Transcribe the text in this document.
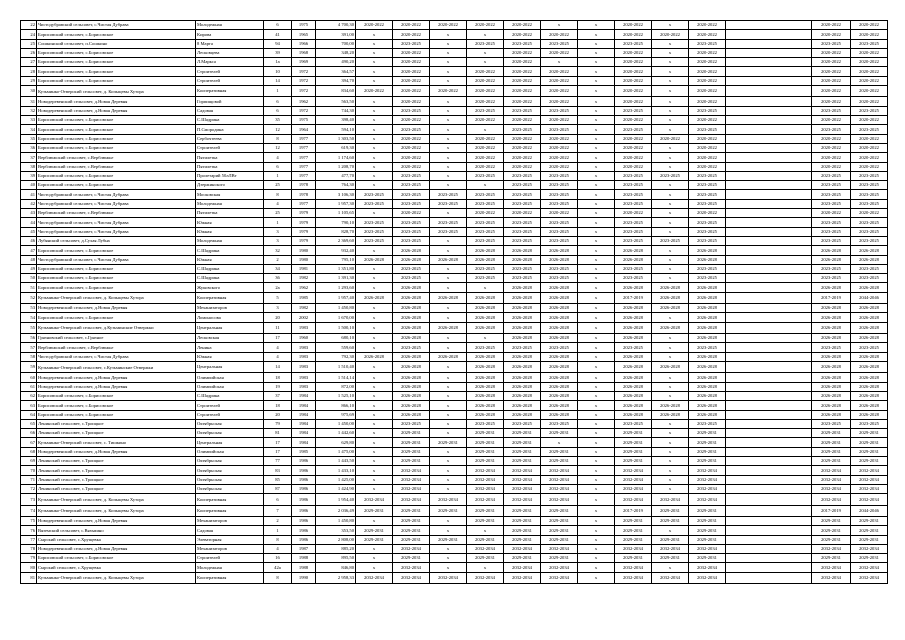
22	Чистодубравский сельсовет, с.Чистая Дубрава	Молодежная	6	1975	4 700,30	2020-2022	2020-2022	2020-2022	2020-2022	2020-2022	x	x	2020-2022	x	2020-2022		2020-2022	2020-2022
24	Борисовский сельсовет, с.Борисовское	Кирова	41	1965	391,00	x	2020-2022	x	x	2020-2022	2020-2022	x	2020-2022	2020-2022	2020-2022		2020-2022	2020-2022
25	Сошкинский сельсовет, п.Сошкино	8 Марта	94	1966	700,00	x	2023-2025	x	2023-2025	2023-2025	2023-2025	x	2023-2025	x	2023-2025		2023-2025	2023-2025
26	Борисовский сельсовет, с.Борисовское	Лесковцева	39	1968	348,20	x	2020-2022	x	x	2020-2022	2020-2022	x	2020-2022	x	2020-2022		2020-2022	2020-2022
27	Борисовский сельсовет, с.Борисовское	Л.Маркса	1а	1969	490,20	x	2020-2022	x	x	2020-2022	x	x	2020-2022	x	2020-2022		2020-2022	2020-2022
28	Борисовский сельсовет, с.Борисовское	Строителей	10	1972	364,57	x	2020-2022	x	2020-2022	2020-2022	2020-2022	x	2020-2022	x	2020-2022		2020-2022	2020-2022
29	Борисовский сельсовет, с.Борисовское	Строителей	14	1972	394,70	x	2020-2022	x	2020-2022	2020-2022	2020-2022	x	2020-2022	x	2020-2022		2020-2022	2020-2022
30	Кузьминко-Отверский сельсовет, д. Копыцевы Хутора	Кооперативная	1	1972	834,60	2020-2022	2020-2022	2020-2022	2020-2022	2020-2022	2020-2022	x	2020-2022	x	2020-2022		2020-2022	2020-2022
31	Новодеревенский сельсовет, д.Новая Деревня	Горпищовой	6	1962	563,50	x	2020-2022	x	2020-2022	2020-2022	2020-2022	x	2020-2022	x	2020-2022		2020-2022	2020-2022
32	Новодеревенский сельсовет, д.Новая Деревня	Садовая	6	1972	744,30	x	2023-2025	x	2023-2025	2023-2025	2023-2025	x	2023-2025	x	2023-2025		2023-2025	2023-2025
33	Борисовский сельсовет, с.Борисовское	С.Шадрина	35	1975	398,40	x	2020-2022	x	2020-2022	2020-2022	2020-2022	x	2020-2022	x	2020-2022		2020-2022	2020-2022
34	Борисовский сельсовет, с.Борисовское	П.Смородина	12	1964	594,10	x	2023-2025	x	x	2023-2025	2023-2025	x	2023-2025	x	2023-2025		2023-2025	2023-2025
35	Борисовский сельсовет, с.Борисовское	Сербочтеева	8	1977	1 303,50	x	2020-2022	x	2020-2022	2020-2022	2020-2022	x	2020-2022	2020-2022	2020-2022		2020-2022	2020-2022
36	Борисовский сельсовет, с.Борисовское	Строителей	12	1977	619,30	x	2020-2022	x	2020-2022	2020-2022	2020-2022	x	2020-2022	x	2020-2022		2020-2022	2020-2022
37	Верблюжский сельсовет, с.Верблюжье	Пятилетка	4	1977	1 174,60	x	2020-2022	x	2020-2022	2020-2022	2020-2022	x	2020-2022	x	2020-2022		2020-2022	2020-2022
38	Верблюжский сельсовет, с.Верблюжье	Пятилетка	6	1977	1 208,70	x	2020-2022	x	2020-2022	2020-2022	2020-2022	x	2020-2022	x	2020-2022		2020-2022	2020-2022
39	Борисовский сельсовет, с.Борисовское	Пролетарий 50лЛВт	1	1977	477,70	x	2023-2025	x	2023-2025	2023-2025	2023-2025	x	2023-2025	2023-2025	2023-2025		2023-2025	2023-2025
40	Борисовский сельсовет, с.Борисовское	Дзержинского	25	1978	764,30	x	2023-2025	x	x	2023-2025	2023-2025	x	2023-2025	x	2023-2025		2023-2025	2023-2025
41	Чистодубравский сельсовет, с.Чистая Дубрава	Московская	8	1978	3 106,30	2023-2025	2023-2025	2023-2025	2023-2025	2023-2025	2023-2025	x	2023-2025	x	2023-2025		2023-2025	2023-2025
42	Чистодубравский сельсовет, с.Чистая Дубрава	Молодежная	4	1977	1 957,30	2023-2025	2023-2025	2023-2025	2023-2025	2023-2025	2023-2025	x	2023-2025	x	2023-2025		2023-2025	2023-2025
43	Верблюжский сельсовет, с.Верблюжье	Пятилетка	25	1979	1 105,65	x	2020-2022	x	2020-2022	2020-2022	2020-2022	x	2020-2022	x	2020-2022		2020-2022	2020-2022
44	Чистодубравский сельсовет, с.Чистая Дубрава	Южная	1	1979	790,10	2023-2025	2023-2025	2023-2025	2023-2025	2023-2025	2023-2025	x	2023-2025	x	2023-2025		2023-2025	2023-2025
45	Чистодубравский сельсовет, с.Чистая Дубрава	Южная	3	1979	828,70	2023-2025	2023-2025	2023-2025	2023-2025	2023-2025	2023-2025	x	2023-2025	x	2023-2025		2023-2025	2023-2025
46	Лубянский сельсовет, д.Сухая Лубна	Молодежная	3	1979	2 369,60	2023-2025	2023-2025	x	2023-2025	2023-2025	2023-2025	x	2023-2025	2023-2025	2023-2025		2023-2025	2023-2025
47	Борисовский сельсовет, с.Борисовское	С.Шадрина	32	1980	932,40	x	2026-2028	x	2026-2028	2026-2028	2026-2028	x	2026-2028	x	2026-2028		2026-2028	2026-2028
48	Чистодубравский сельсовет, с.Чистая Дубрава	Южная	2	1980	795,10	2026-2028	2026-2028	2026-2028	2026-2028	2026-2028	2026-2028	x	2026-2028	x	2026-2028		2026-2028	2026-2028
49	Борисовский сельсовет, с.Борисовское	С.Шадрина	34	1981	1 351,80	x	2023-2025	x	2023-2025	2023-2025	2023-2025	x	2023-2025	x	2023-2025		2023-2025	2023-2025
50	Борисовский сельсовет, с.Борисовское	С.Шадрина	36	1982	1 391,30	x	2023-2025	x	2023-2025	2023-2025	2023-2025	x	2023-2025	x	2023-2025		2023-2025	2023-2025
51	Борисовский сельсовет, с.Борисовское	Жуковского	2а	1962	1 293,60	x	2026-2028	x	x	2026-2028	2026-2028	x	2026-2028	2026-2028	2026-2028		2026-2028	2026-2028
52	Кузьминко-Отверский сельсовет, д. Копыцевы Хутора	Кооперативная	5	1985	1 957,40	2026-2028	2026-2028	2026-2028	2026-2028	2026-2028	2026-2028	x	2017-2019	2026-2028	2026-2028		2017-2019	2044-2046
53	Новодеревенский сельсовет, д.Новая Деревня	Механизаторов	3	1982	1 450,80	x	2026-2028	x	2026-2028	2026-2028	2026-2028	x	2026-2028	2026-2028	2026-2028		2026-2028	2026-2028
54	Борисовский сельсовет, с.Борисовское	Ломоносова	20	2002	1 670,00	x	2026-2028	x	2026-2028	2026-2028	2026-2028	x	2026-2028	x	2026-2028		2026-2028	2026-2028
55	Кузьминко-Отверский сельсовет, д.Кузьминские Отвержки	Центральная	11	1983	1 500,10	x	2026-2028	2026-2028	2026-2028	2026-2028	2026-2028	x	2026-2028	2026-2028	2026-2028		2026-2028	2026-2028
56	Грязновский сельсовет, с.Грязное	Лесковская	17	1960	680,10	x	2026-2028	x	x	2026-2028	2026-2028	x	2026-2028	x	2026-2028		2026-2028	2026-2028
57	Верблюжский сельсовет, с.Верблюжье	Ленина	4	1983	559,60	x	2023-2025	x	2023-2025	2023-2025	2023-2025	x	2023-2025	x	2023-2025		2023-2025	2023-2025
58	Чистодубравский сельсовет, с.Чистая Дубрава	Южная	4	1983	792,30	2026-2028	2026-2028	2026-2028	2026-2028	2026-2028	2026-2028	x	2026-2028	x	2026-2028		2026-2028	2026-2028
59	Кузьминко-Отверский сельсовет, с.Кузьминские Отвержки	Центральная	14	1983	1 510,40	x	2026-2028	x	2026-2028	2026-2028	2026-2028	x	2026-2028	2026-2028	2026-2028		2026-2028	2026-2028
60	Новодеревенский сельсовет, д.Новая Деревня	Олимпийская	18	1983	1 514,14	x	2026-2028	x	2026-2028	2026-2028	2026-2028	x	2026-2028	x	2026-2028		2026-2028	2026-2028
61	Новодеревенский сельсовет, д.Новая Деревня	Олимпийская	19	1983	872,00	x	2026-2028	x	2026-2028	2026-2028	2026-2028	x	2026-2028	x	2026-2028		2026-2028	2026-2028
62	Борисовский сельсовет, с.Борисовское	С.Шадрина	37	1984	1 525,10	x	2026-2028	x	2026-2028	2026-2028	2026-2028	x	2026-2028	x	2026-2028		2026-2028	2026-2028
63	Борисовский сельсовет, с.Борисовское	Строителей	18	1984	866,10	x	2026-2028	x	2026-2028	2026-2028	2026-2028	x	2026-2028	2026-2028	2026-2028		2026-2028	2026-2028
64	Борисовский сельсовет, с.Борисовское	Строителей	20	1984	975,69	x	2026-2028	x	2026-2028	2026-2028	2026-2028	x	2026-2028	2026-2028	2026-2028		2026-2028	2026-2028
65	Ленинский сельсовет, с.Троицкое	Октябрьская	79	1984	1 450,00	x	2023-2025	x	2023-2025	2023-2025	2023-2025	x	2023-2025	x	2023-2025		2023-2025	2023-2025
66	Ленинский сельсовет, с.Троицкое	Октябрьская	81	1984	1 442,60	x	2029-2031	x	2029-2031	2029-2031	2029-2031	x	2029-2031	x	2029-2031		2029-2031	2029-2031
67	Кузьминко-Отверский сельсовет, с. Тишкино	Центральная	17	1984	629,80	x	2029-2031	2029-2031	2029-2031	2029-2031	x	x	2029-2031	x	2029-2031		2029-2031	2029-2031
68	Новодеревенский сельсовет, д.Новая Деревня	Олимпийская	17	1985	1 475,00	x	2029-2031	x	2029-2031	2029-2031	2029-2031	x	2029-2031	x	2029-2031		2029-2031	2029-2031
69	Ленинский сельсовет, с.Троицкое	Октябрьская	77	1986	1 443,50	x	2029-2031	x	2029-2031	2029-2031	2029-2031	x	2029-2031	x	2029-2031		2029-2031	2029-2031
70	Ленинский сельсовет, с.Троицкое	Октябрьская	83	1986	1 433,10	x	2032-2034	x	2032-2034	2032-2034	2032-2034	x	2032-2034	x	2032-2034		2032-2034	2032-2034
71	Ленинский сельсовет, с.Троицкое	Октябрьская	85	1986	1 425,00	x	2032-2034	x	2032-2034	2032-2034	2032-2034	x	2032-2034	x	2032-2034		2032-2034	2032-2034
72	Ленинский сельсовет, с.Троицкое	Октябрьская	87	1986	1 424,90	x	2032-2034	x	2032-2034	2032-2034	2032-2034	x	2032-2034	x	2032-2034		2032-2034	2032-2034
73	Кузьминко-Отверский сельсовет, д. Копыцевы Хутора	Кооперативная	6	1986	1 954,40	2032-2034	2032-2034	2032-2034	2032-2034	2032-2034	2032-2034	x	2032-2034	2032-2034	2032-2034		2032-2034	2032-2034
74	Кузьминко-Отверский сельсовет, д. Копыцевы Хутора	Кооперативная	7	1986	2 036,49	2029-2031	2029-2031	2029-2031	2029-2031	2029-2031	2029-2031	x	2017-2019	2029-2031	2029-2031		2017-2019	2044-2046
75	Новодеревенский сельсовет, д.Новая Деревня	Механизаторов	2	1986	1 450,80	x	2029-2031	x	2029-2031	2029-2031	2029-2031	x	2029-2031	2029-2031	2029-2031		2029-2031	2029-2031
76	Вяземский сельсовет, с.Вязьмино	Садовая	1	1986	353,50	2029-2031	2029-2031	x	x	2029-2031	2029-2031	x	2029-2031	x	2029-2031		2029-2031	2029-2031
77	Сырский сельсовет, с.Хрущевка	Элеваторная	8	1986	2 808,00	2029-2031	2029-2031	2029-2031	2029-2031	2029-2031	2029-2031	x	2029-2031	2029-2031	2029-2031		2029-2031	2029-2031
78	Новодеревенский сельсовет, д.Новая Деревня	Механизаторов	4	1987	885,20	x	2032-2034	x	2032-2034	2032-2034	2032-2034	x	2032-2034	2032-2034	2032-2034		2032-2034	2032-2034
79	Борисовский сельсовет, с.Борисовское	Строителей	16	1988	895,50	x	2029-2031	x	2029-2031	2029-2031	2029-2031	x	2029-2031	2029-2031	2029-2031		2029-2031	2029-2031
80	Сырский сельсовет, с.Хрущевка	Молодежная	42а	1988	846,80	x	2032-2034	x	x	2032-2034	2032-2034	x	2032-2034	x	2032-2034		2032-2034	2032-2034
81	Кузьминко-Отверский сельсовет, д. Копыцевы Хутора	Кооперативная	8	1990	2 958,33	2032-2034	2032-2034	2032-2034	2032-2034	2032-2034	2032-2034	x	2032-2034	2032-2034	2032-2034		2032-2034	2032-2034
